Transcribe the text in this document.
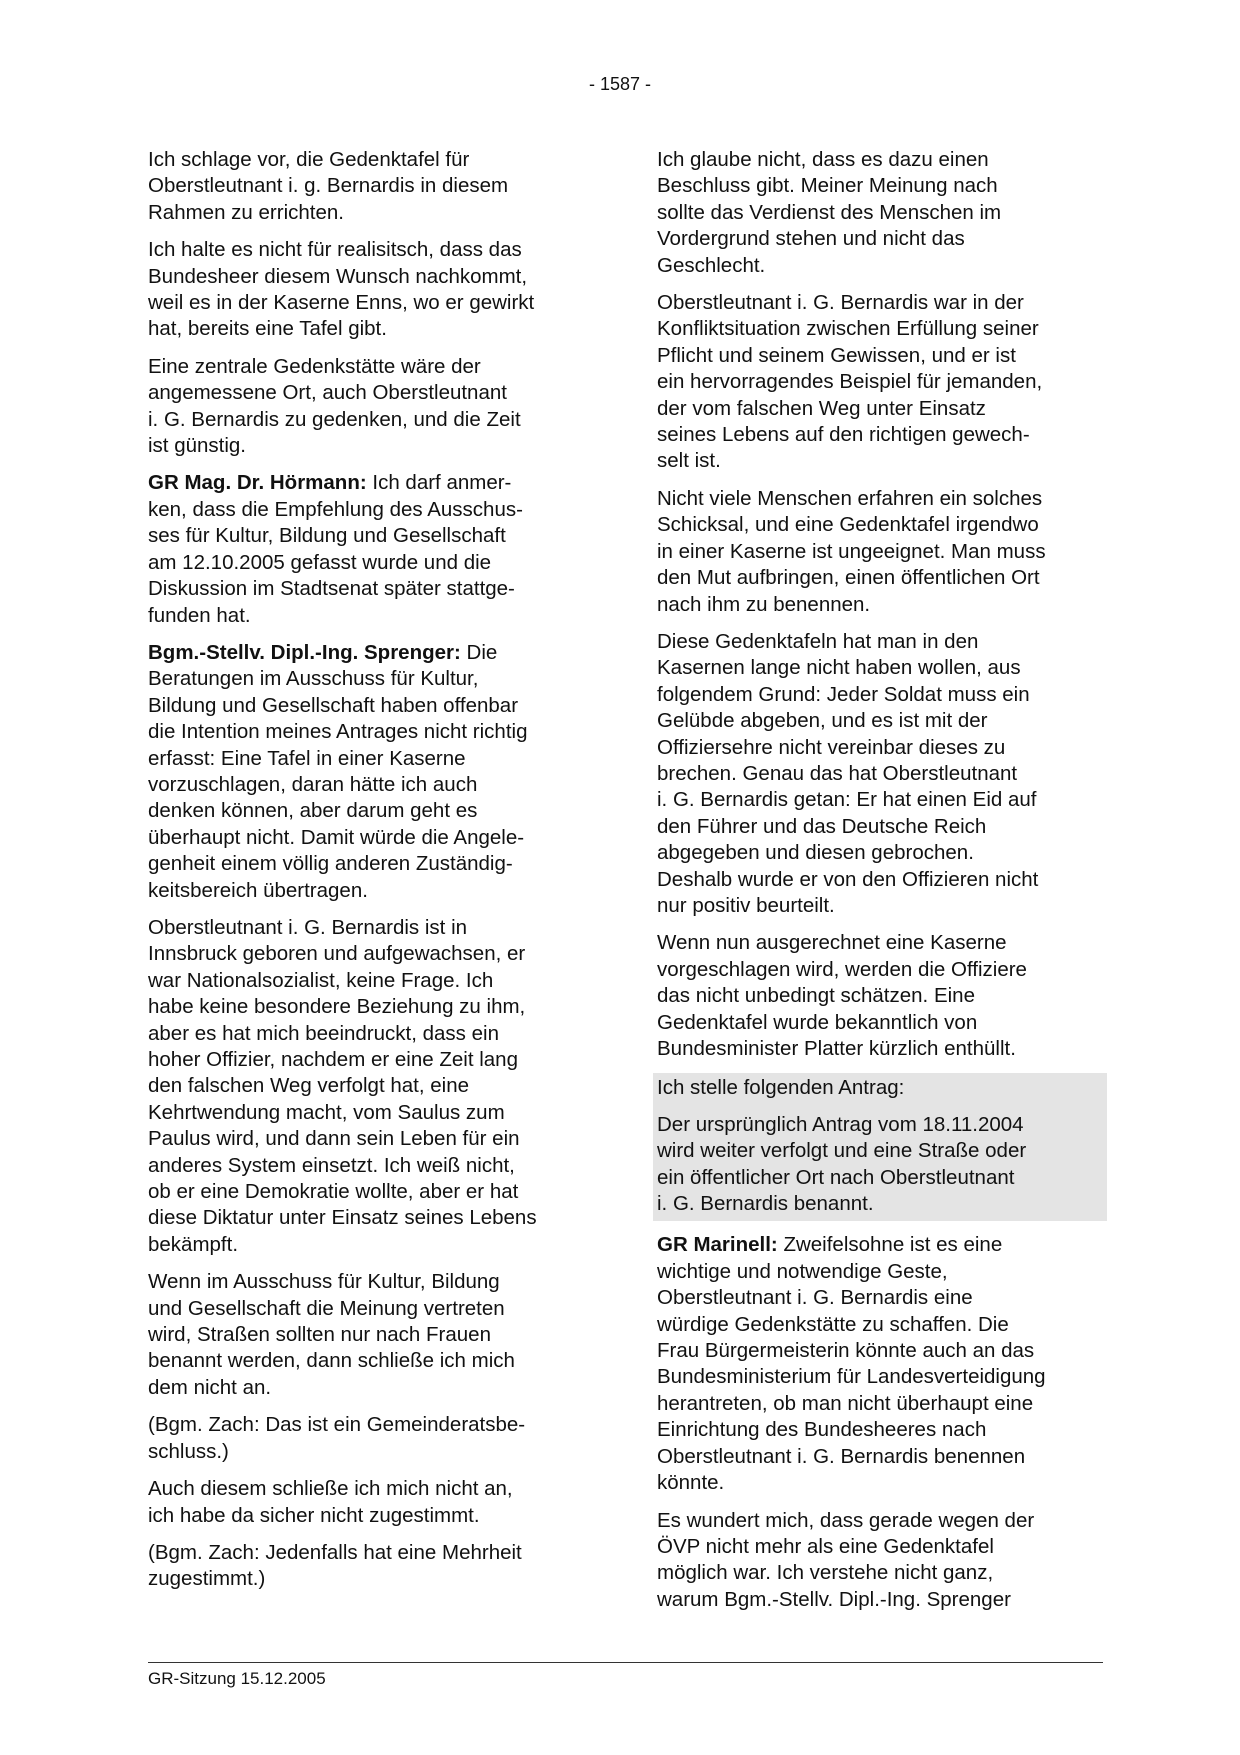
- 1587 -

Ich schlage vor, die Gedenktafel für
Oberstleutnant i. g. Bernardis in diesem
Rahmen zu errichten.

Ich halte es nicht für realisitsch, dass das
Bundesheer diesem Wunsch nachkommt,
weil es in der Kaserne Enns, wo er gewirkt
hat, bereits eine Tafel gibt.

Eine zentrale Gedenkstätte wäre der
angemessene Ort, auch Oberstleutnant
i. G. Bernardis zu gedenken, und die Zeit
ist günstig.

GR Mag. Dr. Hörmann: Ich darf anmer-
ken, dass die Empfehlung des Ausschus-
ses für Kultur, Bildung und Gesellschaft
am 12.10.2005 gefasst wurde und die
Diskussion im Stadtsenat später stattge-
funden hat.

Bgm.-Stellv. Dipl.-Ing. Sprenger: Die
Beratungen im Ausschuss für Kultur,
Bildung und Gesellschaft haben offenbar
die Intention meines Antrages nicht richtig
erfasst: Eine Tafel in einer Kaserne
vorzuschlagen, daran hätte ich auch
denken können, aber darum geht es
überhaupt nicht. Damit würde die Angele-
genheit einem völlig anderen Zuständig-
keitsbereich übertragen.

Oberstleutnant i. G. Bernardis ist in
Innsbruck geboren und aufgewachsen, er
war Nationalsozialist, keine Frage. Ich
habe keine besondere Beziehung zu ihm,
aber es hat mich beeindruckt, dass ein
hoher Offizier, nachdem er eine Zeit lang
den falschen Weg verfolgt hat, eine
Kehrtwendung macht, vom Saulus zum
Paulus wird, und dann sein Leben für ein
anderes System einsetzt. Ich weiß nicht,
ob er eine Demokratie wollte, aber er hat
diese Diktatur unter Einsatz seines Lebens
bekämpft.

Wenn im Ausschuss für Kultur, Bildung
und Gesellschaft die Meinung vertreten
wird, Straßen sollten nur nach Frauen
benannt werden, dann schließe ich mich
dem nicht an.

(Bgm. Zach: Das ist ein Gemeinderatsbe-
schluss.)

Auch diesem schließe ich mich nicht an,
ich habe da sicher nicht zugestimmt.

(Bgm. Zach: Jedenfalls hat eine Mehrheit
zugestimmt.)

Ich glaube nicht, dass es dazu einen
Beschluss gibt. Meiner Meinung nach
sollte das Verdienst des Menschen im
Vordergrund stehen und nicht das
Geschlecht.

Oberstleutnant i. G. Bernardis war in der
Konfliktsituation zwischen Erfüllung seiner
Pflicht und seinem Gewissen, und er ist
ein hervorragendes Beispiel für jemanden,
der vom falschen Weg unter Einsatz
seines Lebens auf den richtigen gewech-
selt ist.

Nicht viele Menschen erfahren ein solches
Schicksal, und eine Gedenktafel irgendwo
in einer Kaserne ist ungeeignet. Man muss
den Mut aufbringen, einen öffentlichen Ort
nach ihm zu benennen.

Diese Gedenktafeln hat man in den
Kasernen lange nicht haben wollen, aus
folgendem Grund: Jeder Soldat muss ein
Gelübde abgeben, und es ist mit der
Offiziersehre nicht vereinbar dieses zu
brechen. Genau das hat Oberstleutnant
i. G. Bernardis getan: Er hat einen Eid auf
den Führer und das Deutsche Reich
abgegeben und diesen gebrochen.
Deshalb wurde er von den Offizieren nicht
nur positiv beurteilt.

Wenn nun ausgerechnet eine Kaserne
vorgeschlagen wird, werden die Offiziere
das nicht unbedingt schätzen. Eine
Gedenktafel wurde bekanntlich von
Bundesminister Platter kürzlich enthüllt.

Ich stelle folgenden Antrag:

Der ursprünglich Antrag vom 18.11.2004
wird weiter verfolgt und eine Straße oder
ein öffentlicher Ort nach Oberstleutnant
i. G. Bernardis benannt.

GR Marinell: Zweifelsohne ist es eine
wichtige und notwendige Geste,
Oberstleutnant i. G. Bernardis eine
würdige Gedenkstätte zu schaffen. Die
Frau Bürgermeisterin könnte auch an das
Bundesministerium für Landesverteidigung
herantreten, ob man nicht überhaupt eine
Einrichtung des Bundesheeres nach
Oberstleutnant i. G. Bernardis benennen
könnte.

Es wundert mich, dass gerade wegen der
ÖVP nicht mehr als eine Gedenktafel
möglich war. Ich verstehe nicht ganz,
warum Bgm.-Stellv. Dipl.-Ing. Sprenger

GR-Sitzung 15.12.2005
